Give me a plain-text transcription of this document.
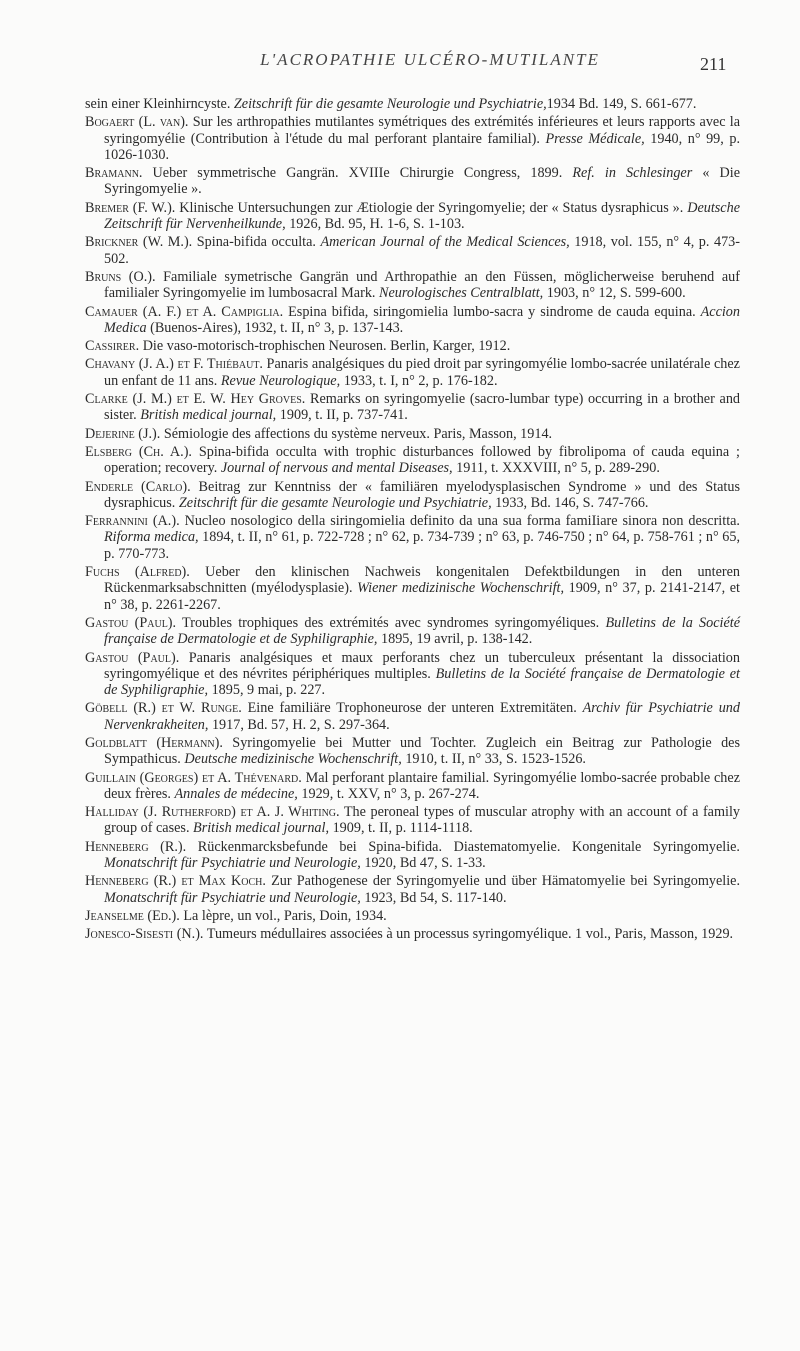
L'ACROPATHIE ULCÉRO-MUTILANTE	211

sein einer Kleinhirncyste. Zeitschrift für die gesamte Neurologie und Psychiatrie,1934 Bd. 149, S. 661-677.

Bogaert (L. van). Sur les arthropathies mutilantes symétriques des extrémités inférieures et leurs rapports avec la syringomyélie (Contribution à l'étude du mal perforant plantaire familial). Presse Médicale, 1940, n° 99, p. 1026-1030.

Bramann. Ueber symmetrische Gangrän. XVIIIe Chirurgie Congress, 1899. Ref. in Schlesinger « Die Syringomyelie ».

Bremer (F. W.). Klinische Untersuchungen zur Ætiologie der Syringomyelie; der « Status dysraphicus ». Deutsche Zeitschrift für Nervenheilkunde, 1926, Bd. 95, H. 1-6, S. 1-103.

Brickner (W. M.). Spina-bifida occulta. American Journal of the Medical Sciences, 1918, vol. 155, n° 4, p. 473-502.

Bruns (O.). Familiale symetrische Gangrän und Arthropathie an den Füssen, möglicherweise beruhend auf familialer Syringomyelie im lumbosacral Mark. Neurologisches Centralblatt, 1903, n° 12, S. 599-600.

Camauer (A. F.) et A. Campiglia. Espina bifida, siringomielia lumbo-sacra y sindrome de cauda equina. Accion Medica (Buenos-Aires), 1932, t. II, n° 3, p. 137-143.

Cassirer. Die vaso-motorisch-trophischen Neurosen. Berlin, Karger, 1912.

Chavany (J. A.) et F. Thiébaut. Panaris analgésiques du pied droit par syringomyélie lombo-sacrée unilatérale chez un enfant de 11 ans. Revue Neurologique, 1933, t. I, n° 2, p. 176-182.

Clarke (J. M.) et E. W. Hey Groves. Remarks on syringomyelie (sacro-lumbar type) occurring in a brother and sister. British medical journal, 1909, t. II, p. 737-741.

Dejerine (J.). Sémiologie des affections du système nerveux. Paris, Masson, 1914.

Elsberg (Ch. A.). Spina-bifida occulta with trophic disturbances followed by fibrolipoma of cauda equina ; operation; recovery. Journal of nervous and mental Diseases, 1911, t. XXXVIII, n° 5, p. 289-290.

Enderle (Carlo). Beitrag zur Kenntniss der « familiären myelodysplasischen Syndrome » und des Status dysraphicus. Zeitschrift für die gesamte Neurologie und Psychiatrie, 1933, Bd. 146, S. 747-766.

Ferrannini (A.). Nucleo nosologico della siringomielia definito da una sua forma famiIiare sinora non descritta. Riforma medica, 1894, t. II, n° 61, p. 722-728 ; n° 62, p. 734-739 ; n° 63, p. 746-750 ; n° 64, p. 758-761 ; n° 65, p. 770-773.

Fuchs (Alfred). Ueber den klinischen Nachweis kongenitalen Defektbildungen in den unteren Rückenmarksabschnitten (myélodysplasie). Wiener medizinische Wochenschrift, 1909, n° 37, p. 2141-2147, et n° 38, p. 2261-2267.

Gastou (Paul). Troubles trophiques des extrémités avec syndromes syringomyéliques. Bulletins de la Société française de Dermatologie et de Syphiligraphie, 1895, 19 avril, p. 138-142.

Gastou (Paul). Panaris analgésiques et maux perforants chez un tuberculeux présentant la dissociation syringomyélique et des névrites périphériques multiples. Bulletins de la Société française de Dermatologie et de Syphiligraphie, 1895, 9 mai, p. 227.

Göbell (R.) et W. Runge. Eine familiäre Trophoneurose der unteren Extremitäten. Archiv für Psychiatrie und Nervenkrakheiten, 1917, Bd. 57, H. 2, S. 297-364.

Goldblatt (Hermann). Syringomyelie bei Mutter und Tochter. Zugleich ein Beitrag zur Pathologie des Sympathicus. Deutsche medizinische Wochenschrift, 1910, t. II, n° 33, S. 1523-1526.

Guillain (Georges) et A. Thévenard. Mal perforant plantaire familial. Syringomyélie lombo-sacrée probable chez deux frères. Annales de médecine, 1929, t. XXV, n° 3, p. 267-274.

Halliday (J. Rutherford) et A. J. Whiting. The peroneal types of muscular atrophy with an account of a family group of cases. British medical journal, 1909, t. II, p. 1114-1118.

Henneberg (R.). Rückenmarcksbefunde bei Spina-bifida. Diastematomyelie. Kongenitale Syringomyelie. Monatschrift für Psychiatrie und Neurologie, 1920, Bd 47, S. 1-33.

Henneberg (R.) et Max Koch. Zur Pathogenese der Syringomyelie und über Hämatomyelie bei Syringomyelie. Monatschrift für Psychiatrie und Neurologie, 1923, Bd 54, S. 117-140.

Jeanselme (Ed.). La lèpre, un vol., Paris, Doin, 1934.

Jonesco-Sisesti (N.). Tumeurs médullaires associées à un processus syringomyélique. 1 vol., Paris, Masson, 1929.
